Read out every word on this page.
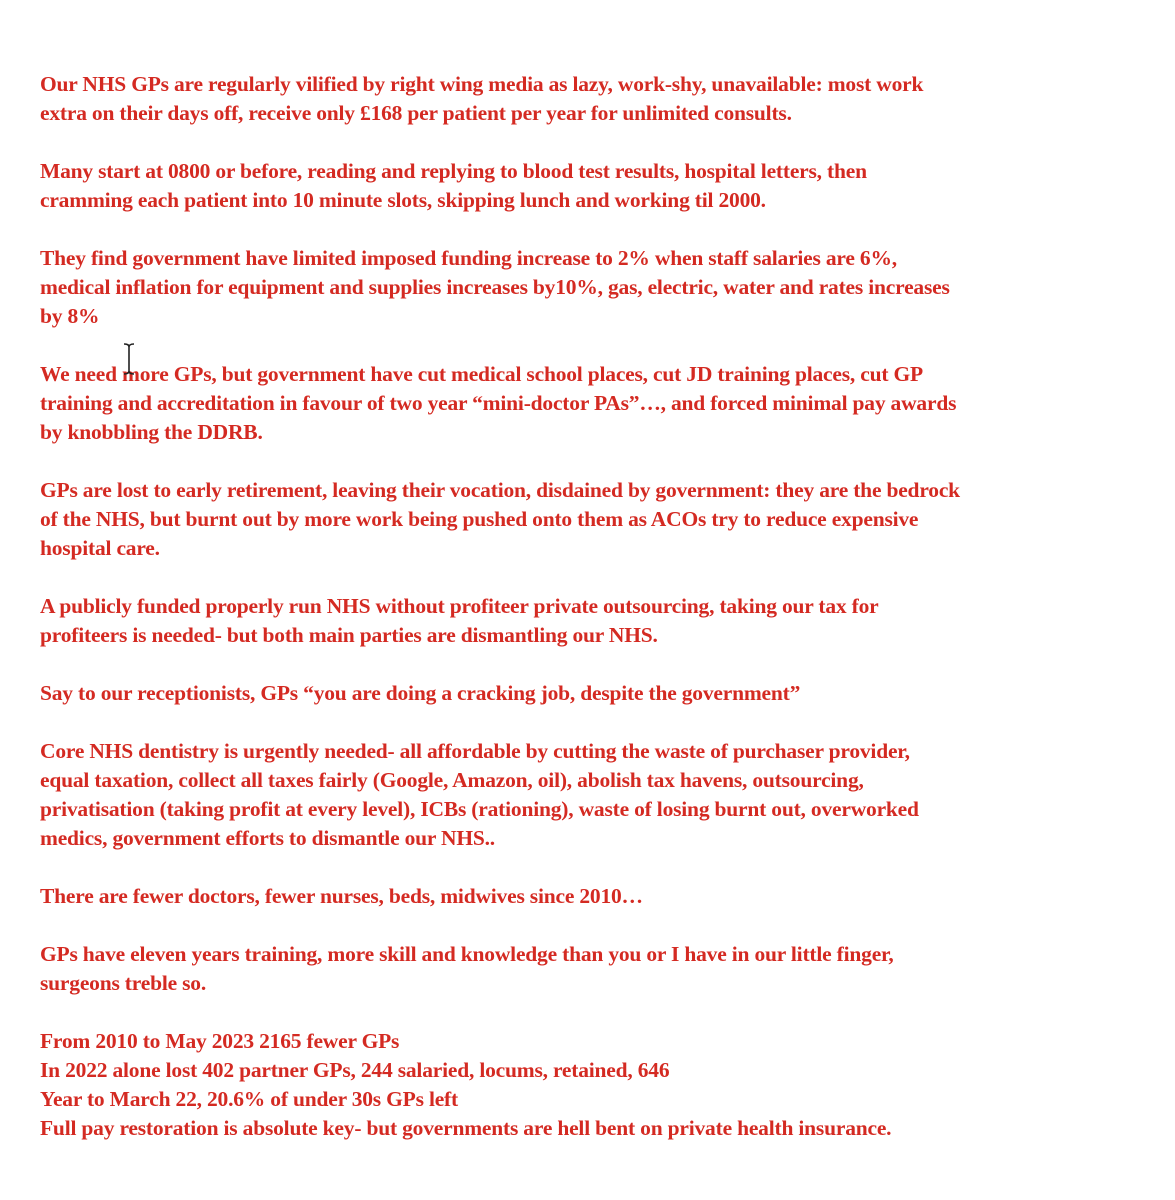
Our NHS GPs are regularly vilified by right wing media as lazy, work-shy, unavailable: most work
extra on their days off, receive only £168 per patient per year for unlimited consults.

Many start at 0800 or before, reading and replying to blood test results, hospital letters, then
cramming each patient into 10 minute slots, skipping lunch and working til 2000.

They find government have limited imposed funding increase to 2% when staff salaries are 6%,
medical inflation for equipment and supplies increases by10%, gas, electric, water and rates increases
by 8%

We need more GPs, but government have cut medical school places, cut JD training places, cut GP
training and accreditation in favour of two year “mini-doctor PAs”…, and forced minimal pay awards
by knobbling the DDRB.

GPs are lost to early retirement, leaving their vocation, disdained by government: they are the bedrock
of the NHS, but burnt out by more work being pushed onto them as ACOs try to reduce expensive
hospital care.

A publicly funded properly run NHS without profiteer private outsourcing, taking our tax for
profiteers is needed- but both main parties are dismantling our NHS.

Say to our receptionists, GPs “you are doing a cracking job, despite the government”

Core NHS dentistry is urgently needed- all affordable by cutting the waste of purchaser provider,
equal taxation, collect all taxes fairly (Google, Amazon, oil), abolish tax havens, outsourcing,
privatisation (taking profit at every level), ICBs (rationing), waste of losing burnt out, overworked
medics, government efforts to dismantle our NHS..

There are fewer doctors, fewer nurses, beds, midwives since 2010…

GPs have eleven years training, more skill and knowledge than you or I have in our little finger,
surgeons treble so.

From 2010 to May 2023 2165 fewer GPs
In 2022 alone lost 402 partner GPs, 244 salaried, locums, retained, 646
Year to March 22, 20.6% of under 30s GPs left
Full pay restoration is absolute key- but governments are hell bent on private health insurance.
